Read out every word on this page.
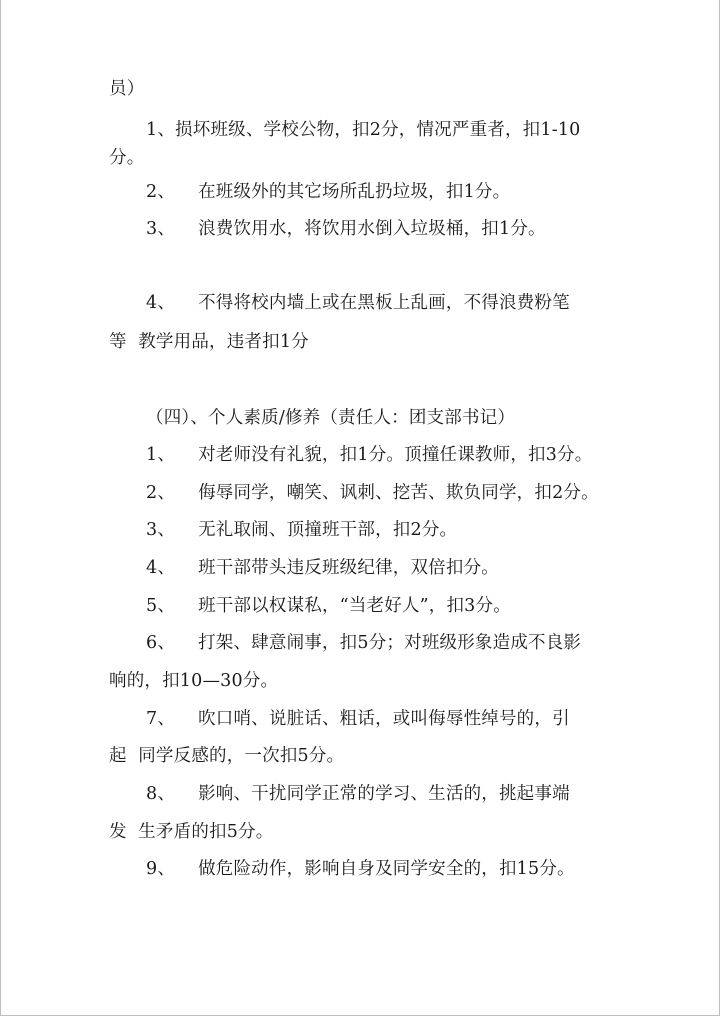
员）
1、损坏班级、学校公物，扣2分，情况严重者，扣1-10
分。
2、    在班级外的其它场所乱扔垃圾，扣1分。
3、    浪费饮用水，将饮用水倒入垃圾桶，扣1分。
4、    不得将校内墙上或在黑板上乱画，不得浪费粉笔
等  教学用品，违者扣1分
（四）、个人素质/修养（责任人：团支部书记）
1、    对老师没有礼貌，扣1分。顶撞任课教师，扣3分。
2、    侮辱同学，嘲笑、讽刺、挖苦、欺负同学，扣2分。
3、    无礼取闹、顶撞班干部，扣2分。
4、    班干部带头违反班级纪律，双倍扣分。
5、    班干部以权谋私，“当老好人”，扣3分。
6、    打架、肆意闹事，扣5分；对班级形象造成不良影
响的，扣10—30分。
7、    吹口哨、说脏话、粗话，或叫侮辱性绰号的，引
起  同学反感的，一次扣5分。
8、    影响、干扰同学正常的学习、生活的，挑起事端
发  生矛盾的扣5分。
9、    做危险动作，影响自身及同学安全的，扣15分。
